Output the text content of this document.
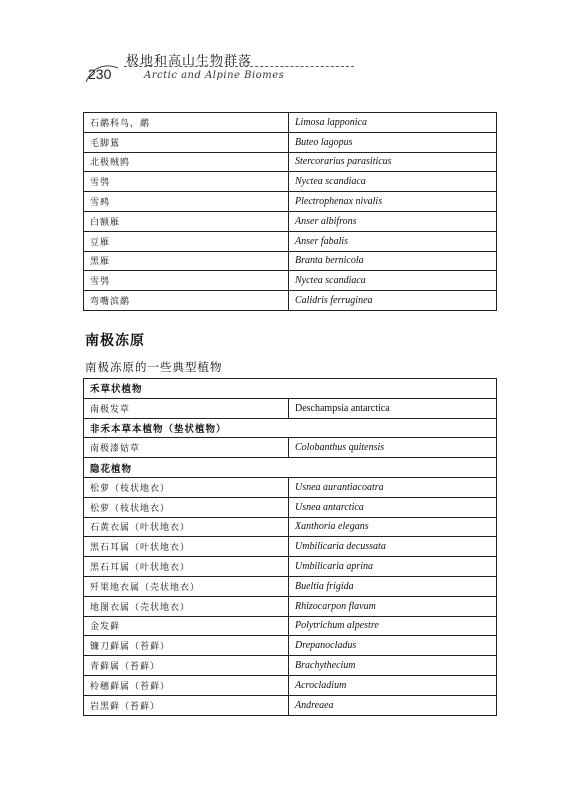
230
极地和高山生物群落
Arctic and Alpine Biomes
石鹬科鸟，鹬	Limosa lapponica
毛脚鵟	Buteo lagopus
北极贼鸥	Stercorarius parasiticus
雪鸮	Nyctea scandiaca
雪鹀	Plectrophenax nivalis
白额雁	Anser albifrons
豆雁	Anser fabalis
黑雁	Branta bernicola
雪鸮	Nyctea scandiaca
弯嘴滨鹬	Calidris ferruginea
南极冻原
南极冻原的一些典型植物
禾草状植物	
南极发草	Deschampsia antarctica
非禾本草本植物（垫状植物）	
南极漆姑草	Colobanthus quitensis
隐花植物	
松萝（枝状地衣）	Usnea aurantiacoatra
松萝（枝状地衣）	Usnea antarctica
石黄衣属（叶状地衣）	Xanthoria elegans
黑石耳属（叶状地衣）	Umbilicaria decussata
黑石耳属（叶状地衣）	Umbilicaria aprina
歼果地衣属（壳状地衣）	Bueltia frigida
地图衣属（壳状地衣）	Rhizocarpon flavum
金发藓	Polytrichum alpestre
镰刀藓属（苔藓）	Drepanocladus
青藓属（苔藓）	Brachythecium
柃穗藓属（苔藓）	Acrocladium
岩黑藓（苔藓）	Andreaea
